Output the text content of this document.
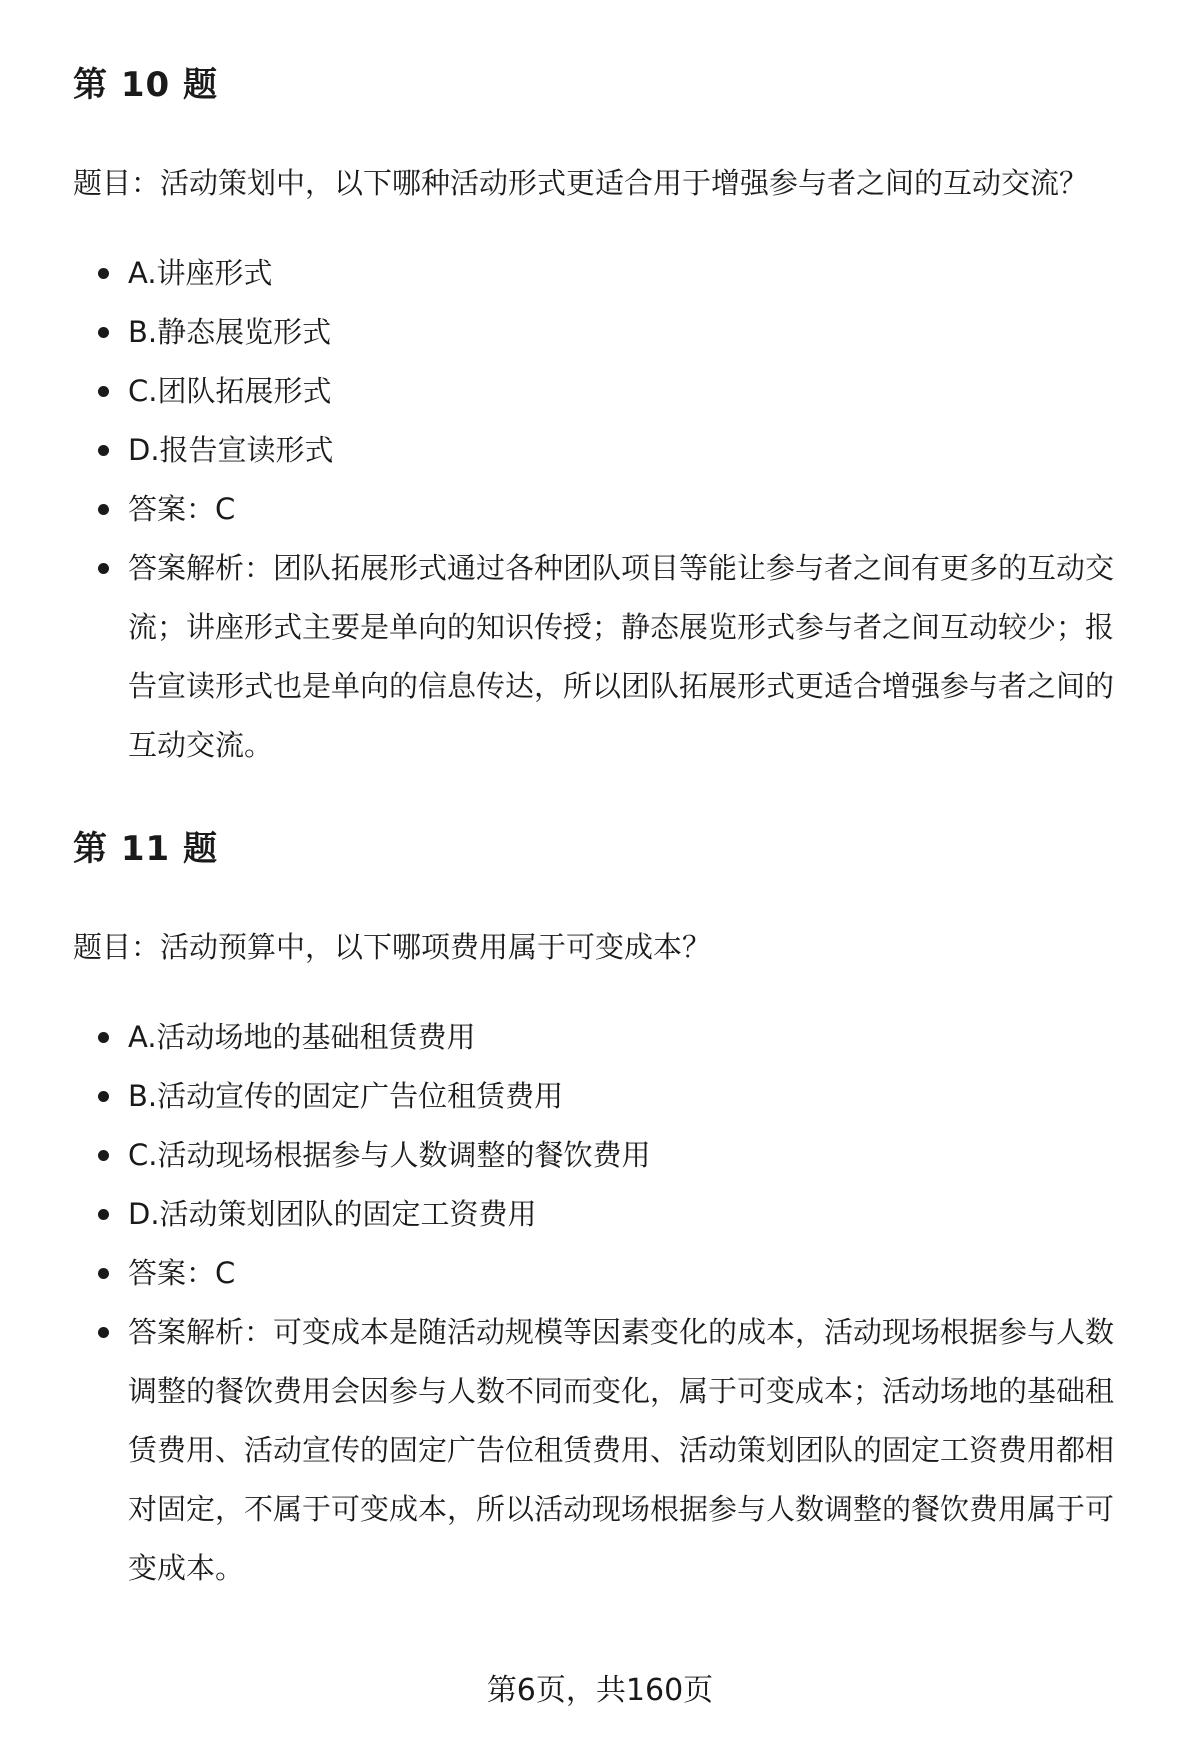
第 10 题

题目：活动策划中，以下哪种活动形式更适合用于增强参与者之间的互动交流？

A.讲座形式
B.静态展览形式
C.团队拓展形式
D.报告宣读形式
答案：C
答案解析：团队拓展形式通过各种团队项目等能让参与者之间有更多的互动交流；讲座形式主要是单向的知识传授；静态展览形式参与者之间互动较少；报告宣读形式也是单向的信息传达，所以团队拓展形式更适合增强参与者之间的互动交流。
第 11 题

题目：活动预算中，以下哪项费用属于可变成本？

A.活动场地的基础租赁费用
B.活动宣传的固定广告位租赁费用
C.活动现场根据参与人数调整的餐饮费用
D.活动策划团队的固定工资费用
答案：C
答案解析：可变成本是随活动规模等因素变化的成本，活动现场根据参与人数调整的餐饮费用会因参与人数不同而变化，属于可变成本；活动场地的基础租赁费用、活动宣传的固定广告位租赁费用、活动策划团队的固定工资费用都相对固定，不属于可变成本，所以活动现场根据参与人数调整的餐饮费用属于可变成本。
第6页，共160页
